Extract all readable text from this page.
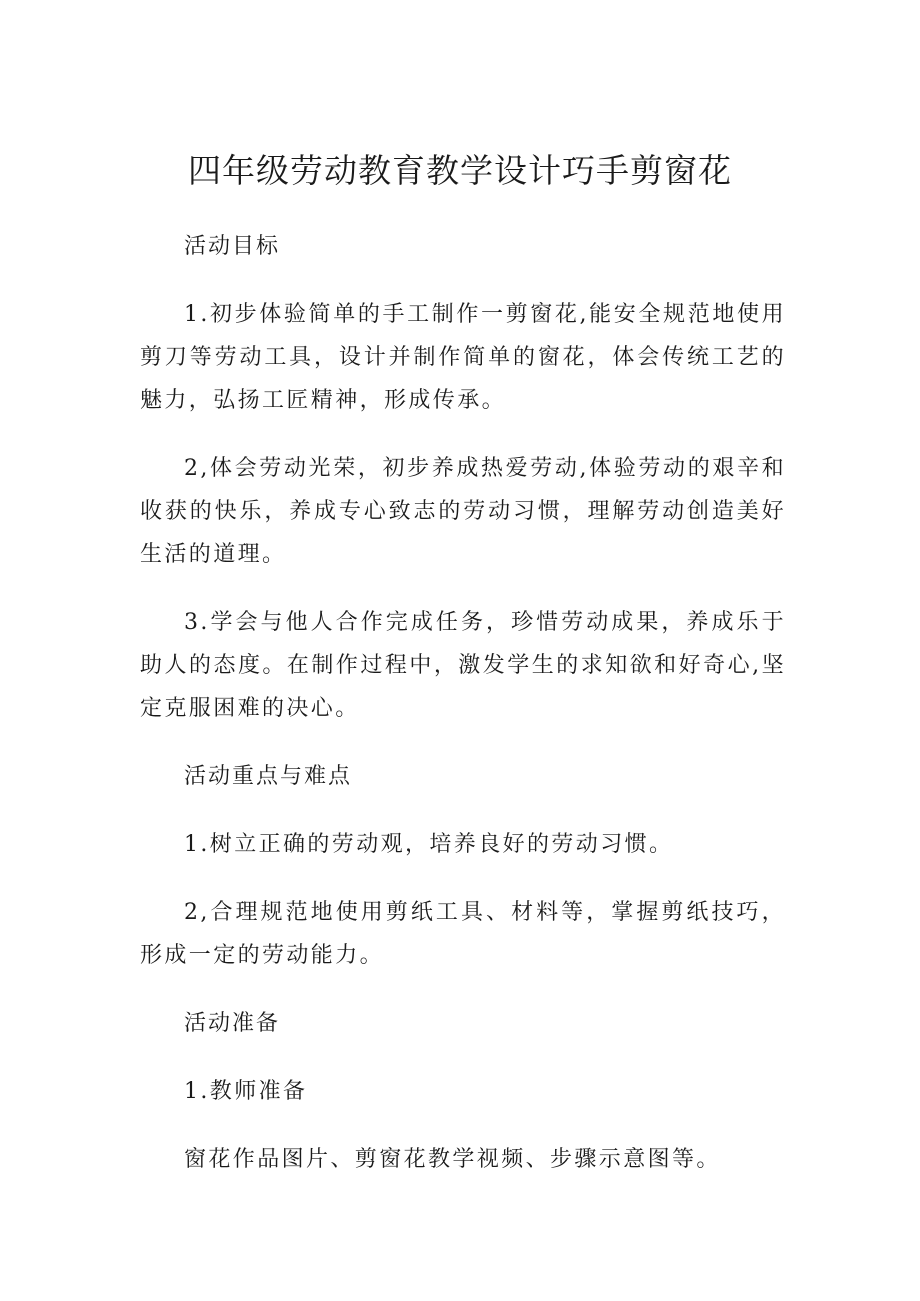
四年级劳动教育教学设计巧手剪窗花

活动目标

1.初步体验简单的手工制作一剪窗花,能安全规范地使用剪刀等劳动工具，设计并制作简单的窗花，体会传统工艺的魅力，弘扬工匠精神，形成传承。

2,体会劳动光荣，初步养成热爱劳动,体验劳动的艰辛和收获的快乐，养成专心致志的劳动习惯，理解劳动创造美好生活的道理。

3.学会与他人合作完成任务，珍惜劳动成果，养成乐于助人的态度。在制作过程中，激发学生的求知欲和好奇心,坚定克服困难的决心。

活动重点与难点

1.树立正确的劳动观，培养良好的劳动习惯。

2,合理规范地使用剪纸工具、材料等，掌握剪纸技巧，形成一定的劳动能力。

活动准备

1.教师准备

窗花作品图片、剪窗花教学视频、步骤示意图等。
